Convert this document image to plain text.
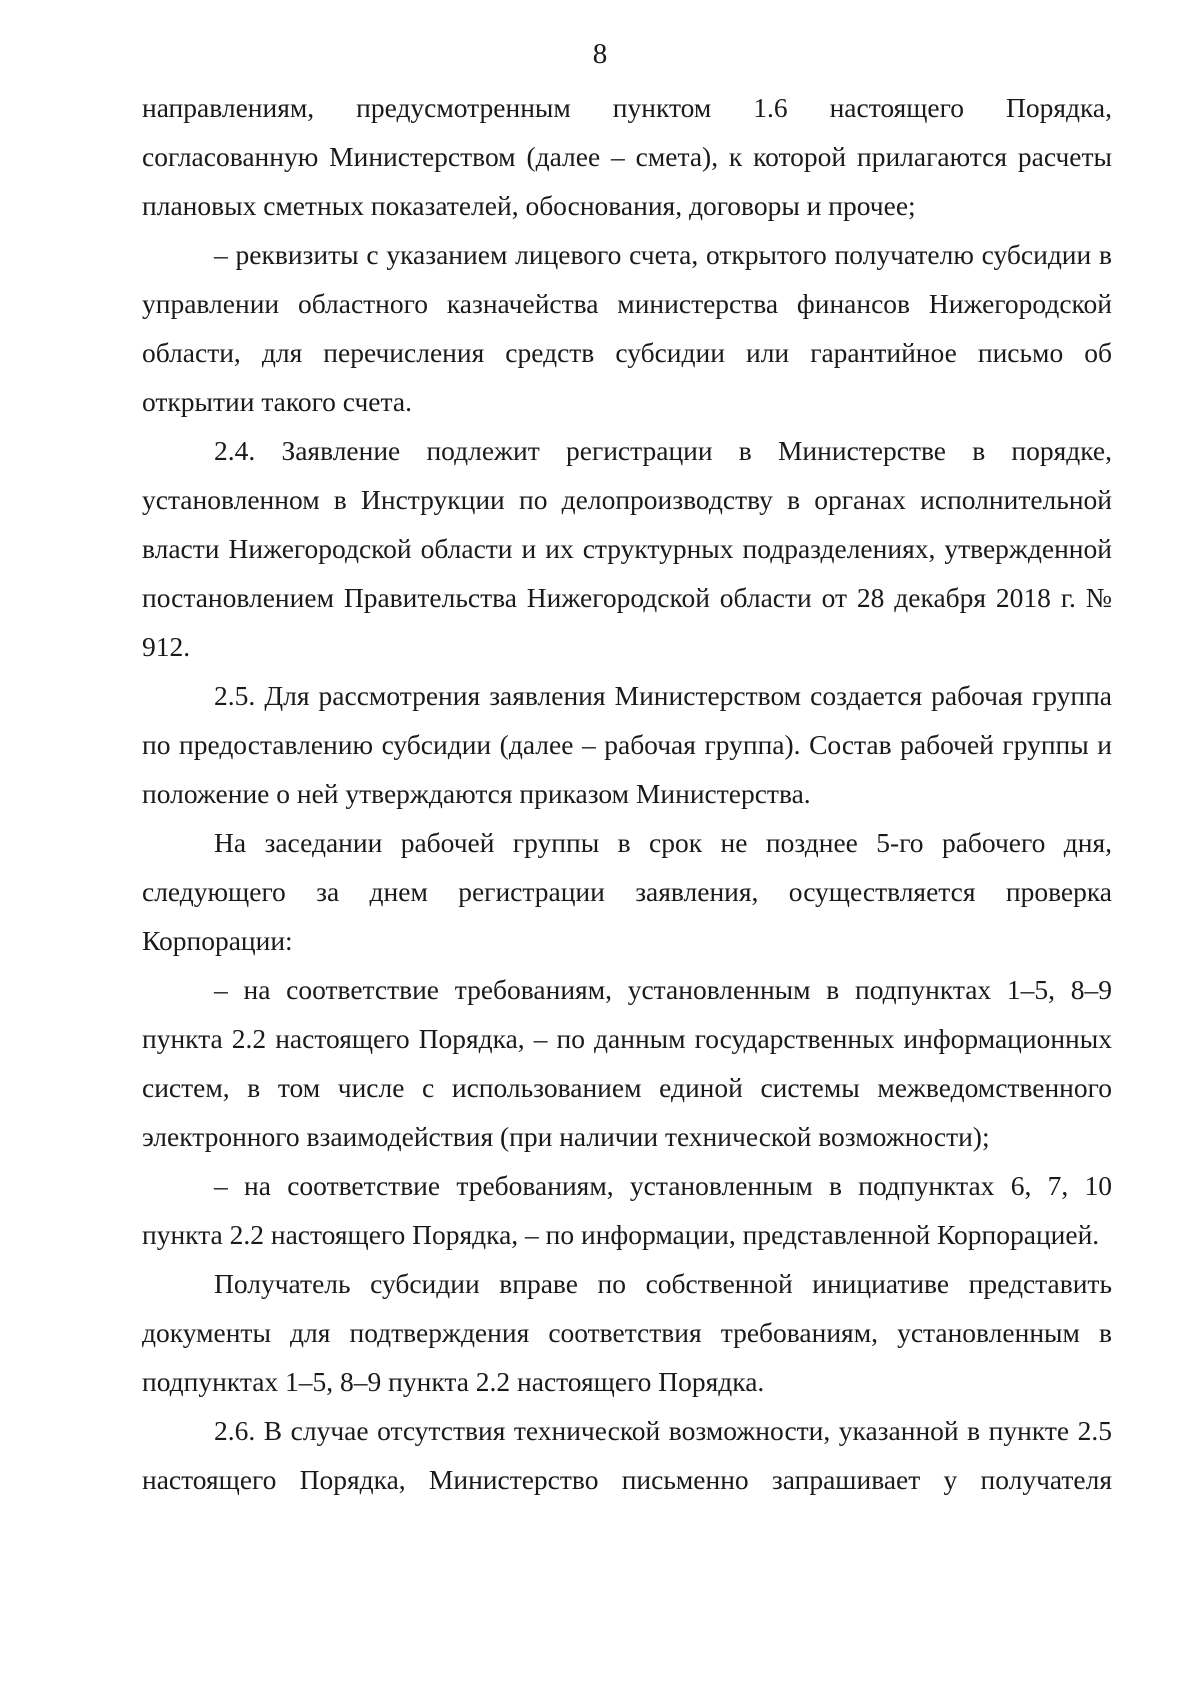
8

направлениям, предусмотренным пунктом 1.6 настоящего Порядка, согласованную Министерством (далее – смета), к которой прилагаются расчеты плановых сметных показателей, обоснования, договоры и прочее;

– реквизиты с указанием лицевого счета, открытого получателю субсидии в управлении областного казначейства министерства финансов Нижегородской области, для перечисления средств субсидии или гарантийное письмо об открытии такого счета.

2.4. Заявление подлежит регистрации в Министерстве в порядке, установленном в Инструкции по делопроизводству в органах исполнительной власти Нижегородской области и их структурных подразделениях, утвержденной постановлением Правительства Нижегородской области от 28 декабря 2018 г. № 912.

2.5. Для рассмотрения заявления Министерством создается рабочая группа по предоставлению субсидии (далее – рабочая группа). Состав рабочей группы и положение о ней утверждаются приказом Министерства.

На заседании рабочей группы в срок не позднее 5-го рабочего дня, следующего за днем регистрации заявления, осуществляется проверка Корпорации:

– на соответствие требованиям, установленным в подпунктах 1–5, 8–9 пункта 2.2 настоящего Порядка, – по данным государственных информационных систем, в том числе с использованием единой системы межведомственного электронного взаимодействия (при наличии технической возможности);

– на соответствие требованиям, установленным в подпунктах 6, 7, 10 пункта 2.2 настоящего Порядка, – по информации, представленной Корпорацией.

Получатель субсидии вправе по собственной инициативе представить документы для подтверждения соответствия требованиям, установленным в подпунктах 1–5, 8–9 пункта 2.2 настоящего Порядка.

2.6. В случае отсутствия технической возможности, указанной в пункте 2.5 настоящего Порядка, Министерство письменно запрашивает у получателя
